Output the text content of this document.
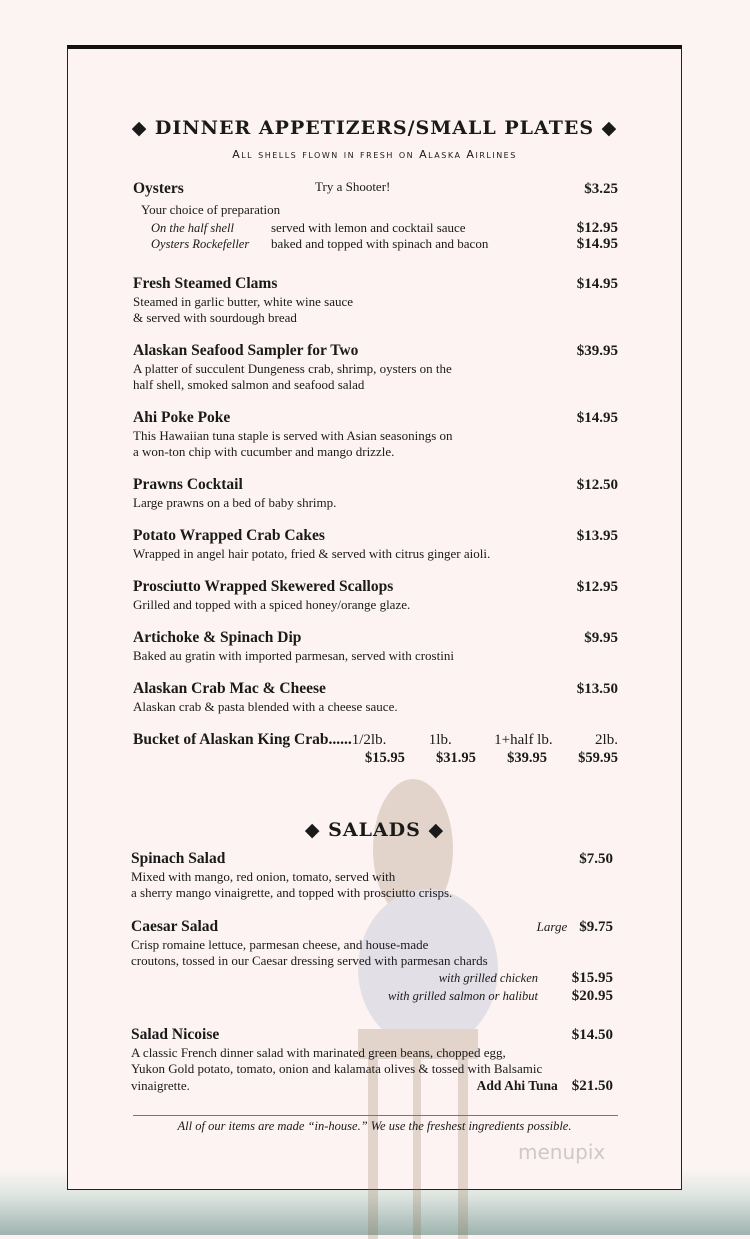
◆ DINNER APPETIZERS/SMALL PLATES ◆
All shells flown in fresh on Alaska Airlines
Oysters	Try a Shooter!	$3.25
Your choice of preparation
On the half shell	served with lemon and cocktail sauce	$12.95
Oysters Rockefeller	baked and topped with spinach and bacon	$14.95
Fresh Steamed Clams	$14.95
Steamed in garlic butter, white wine sauce
& served with sourdough bread
Alaskan Seafood Sampler for Two	$39.95
A platter of succulent Dungeness crab, shrimp, oysters on the
half shell, smoked salmon and seafood salad
Ahi Poke Poke	$14.95
This Hawaiian tuna staple is served with Asian seasonings on
a won-ton chip with cucumber and mango drizzle.
Prawns Cocktail	$12.50
Large prawns on a bed of baby shrimp.
Potato Wrapped Crab Cakes	$13.95
Wrapped in angel hair potato, fried & served with citrus ginger aioli.
Prosciutto Wrapped Skewered Scallops	$12.95
Grilled and topped with a spiced honey/orange glaze.
Artichoke & Spinach Dip	$9.95
Baked au gratin with imported parmesan, served with crostini
Alaskan Crab Mac & Cheese	$13.50
Alaskan crab & pasta blended with a cheese sauce.
Bucket of Alaskan King Crab...... 1/2lb.	1lb.	1+half lb.	2lb.
$15.95 $31.95 $39.95 $59.95
◆ SALADS ◆
Spinach Salad	$7.50
Mixed with mango, red onion, tomato, served with
a sherry mango vinaigrette, and topped with prosciutto crisps.
Caesar Salad	Large $9.75
Crisp romaine lettuce, parmesan cheese, and house-made
croutons, tossed in our Caesar dressing served with parmesan chards
with grilled chicken $15.95
with grilled salmon or halibut $20.95
Salad Nicoise	$14.50
A classic French dinner salad with marinated green beans, chopped egg,
Yukon Gold potato, tomato, onion and kalamata olives & tossed with Balsamic
vinaigrette.	Add Ahi Tuna $21.50
All of our items are made “in-house.” We use the freshest ingredients possible.
menupix
